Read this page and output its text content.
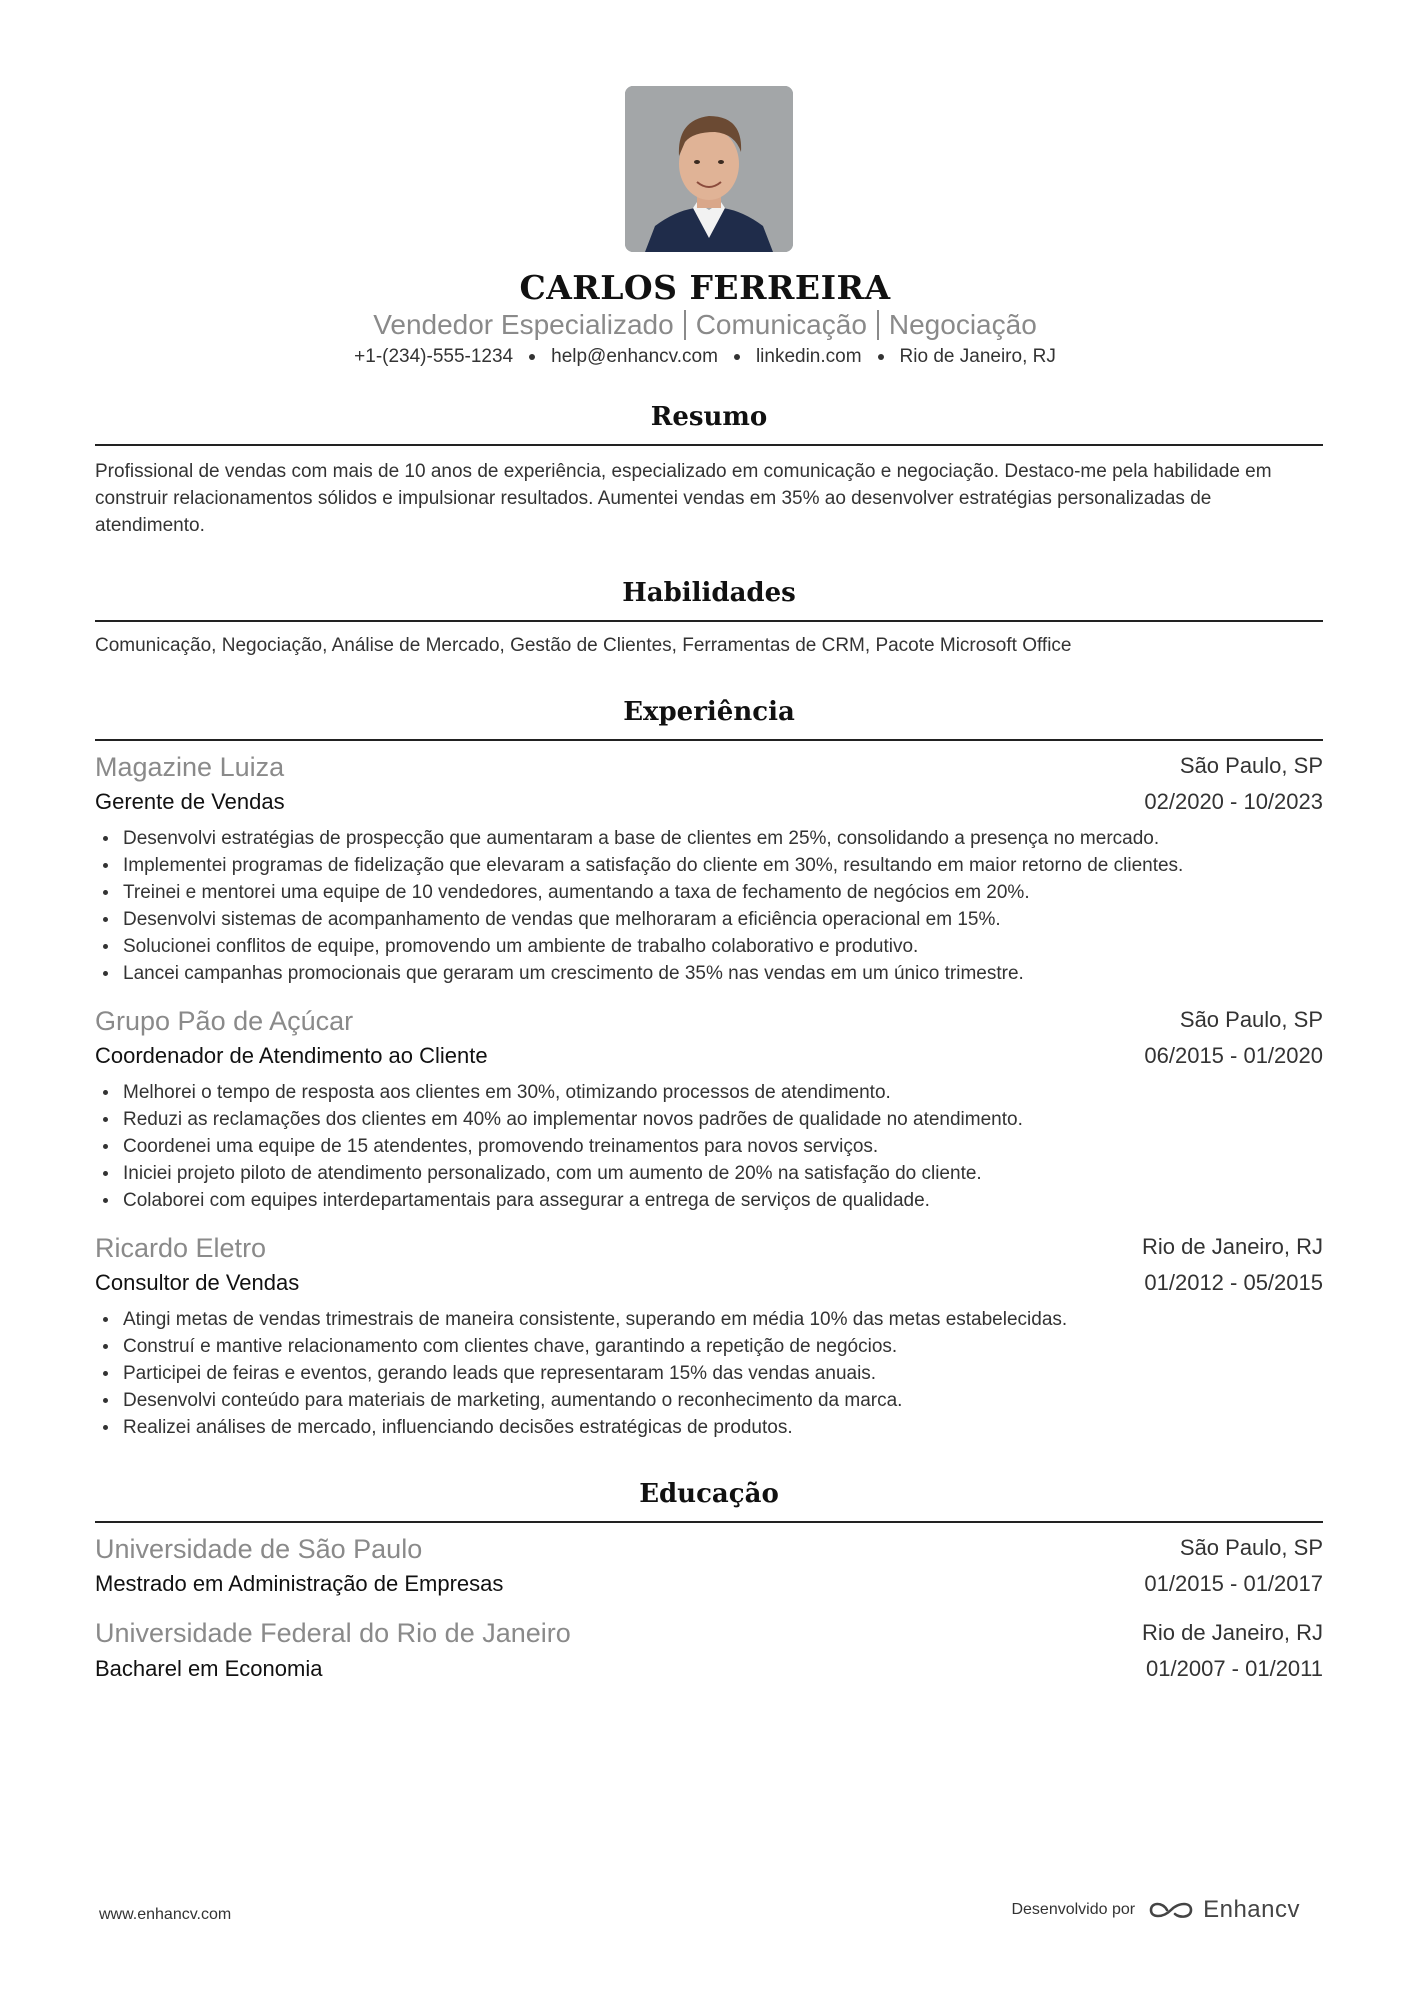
CARLOS FERREIRA
Vendedor Especializado Comunicação Negociação
+1-(234)-555-1234 help@enhancv.com linkedin.com Rio de Janeiro, RJ
Resumo
Profissional de vendas com mais de 10 anos de experiência, especializado em comunicação e negociação. Destaco-me pela habilidade em construir relacionamentos sólidos e impulsionar resultados. Aumentei vendas em 35% ao desenvolver estratégias personalizadas de atendimento.
Habilidades
Comunicação, Negociação, Análise de Mercado, Gestão de Clientes, Ferramentas de CRM, Pacote Microsoft Office
Experiência
Magazine Luiza	São Paulo, SP
Gerente de Vendas	02/2020 - 10/2023
Desenvolvi estratégias de prospecção que aumentaram a base de clientes em 25%, consolidando a presença no mercado.
Implementei programas de fidelização que elevaram a satisfação do cliente em 30%, resultando em maior retorno de clientes.
Treinei e mentorei uma equipe de 10 vendedores, aumentando a taxa de fechamento de negócios em 20%.
Desenvolvi sistemas de acompanhamento de vendas que melhoraram a eficiência operacional em 15%.
Solucionei conflitos de equipe, promovendo um ambiente de trabalho colaborativo e produtivo.
Lancei campanhas promocionais que geraram um crescimento de 35% nas vendas em um único trimestre.
Grupo Pão de Açúcar	São Paulo, SP
Coordenador de Atendimento ao Cliente	06/2015 - 01/2020
Melhorei o tempo de resposta aos clientes em 30%, otimizando processos de atendimento.
Reduzi as reclamações dos clientes em 40% ao implementar novos padrões de qualidade no atendimento.
Coordenei uma equipe de 15 atendentes, promovendo treinamentos para novos serviços.
Iniciei projeto piloto de atendimento personalizado, com um aumento de 20% na satisfação do cliente.
Colaborei com equipes interdepartamentais para assegurar a entrega de serviços de qualidade.
Ricardo Eletro	Rio de Janeiro, RJ
Consultor de Vendas	01/2012 - 05/2015
Atingi metas de vendas trimestrais de maneira consistente, superando em média 10% das metas estabelecidas.
Construí e mantive relacionamento com clientes chave, garantindo a repetição de negócios.
Participei de feiras e eventos, gerando leads que representaram 15% das vendas anuais.
Desenvolvi conteúdo para materiais de marketing, aumentando o reconhecimento da marca.
Realizei análises de mercado, influenciando decisões estratégicas de produtos.
Educação
Universidade de São Paulo	São Paulo, SP
Mestrado em Administração de Empresas	01/2015 - 01/2017
Universidade Federal do Rio de Janeiro	Rio de Janeiro, RJ
Bacharel em Economia	01/2007 - 01/2011
www.enhancv.com	Desenvolvido por	Enhancv
